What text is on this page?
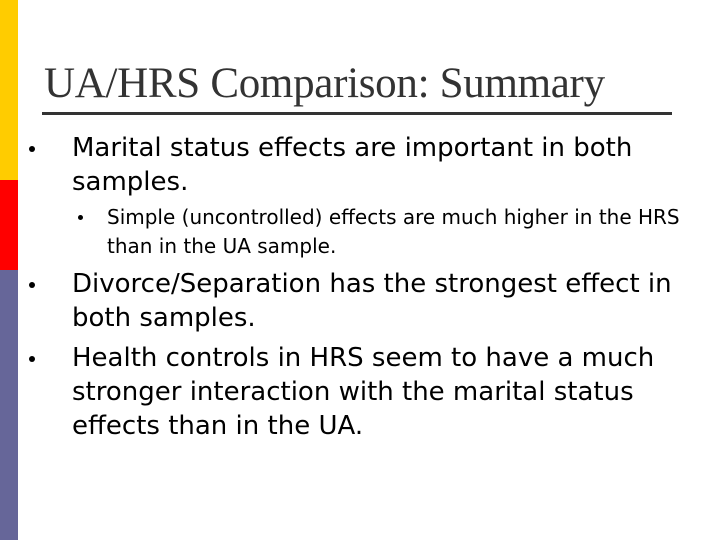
UA/HRS Comparison: Summary
Marital status effects are important in both samples.
Simple (uncontrolled) effects are much higher in the HRS than in the UA sample.
Divorce/Separation has the strongest effect in both samples.
Health controls in HRS seem to have a much stronger interaction with the marital status effects than in the UA.
